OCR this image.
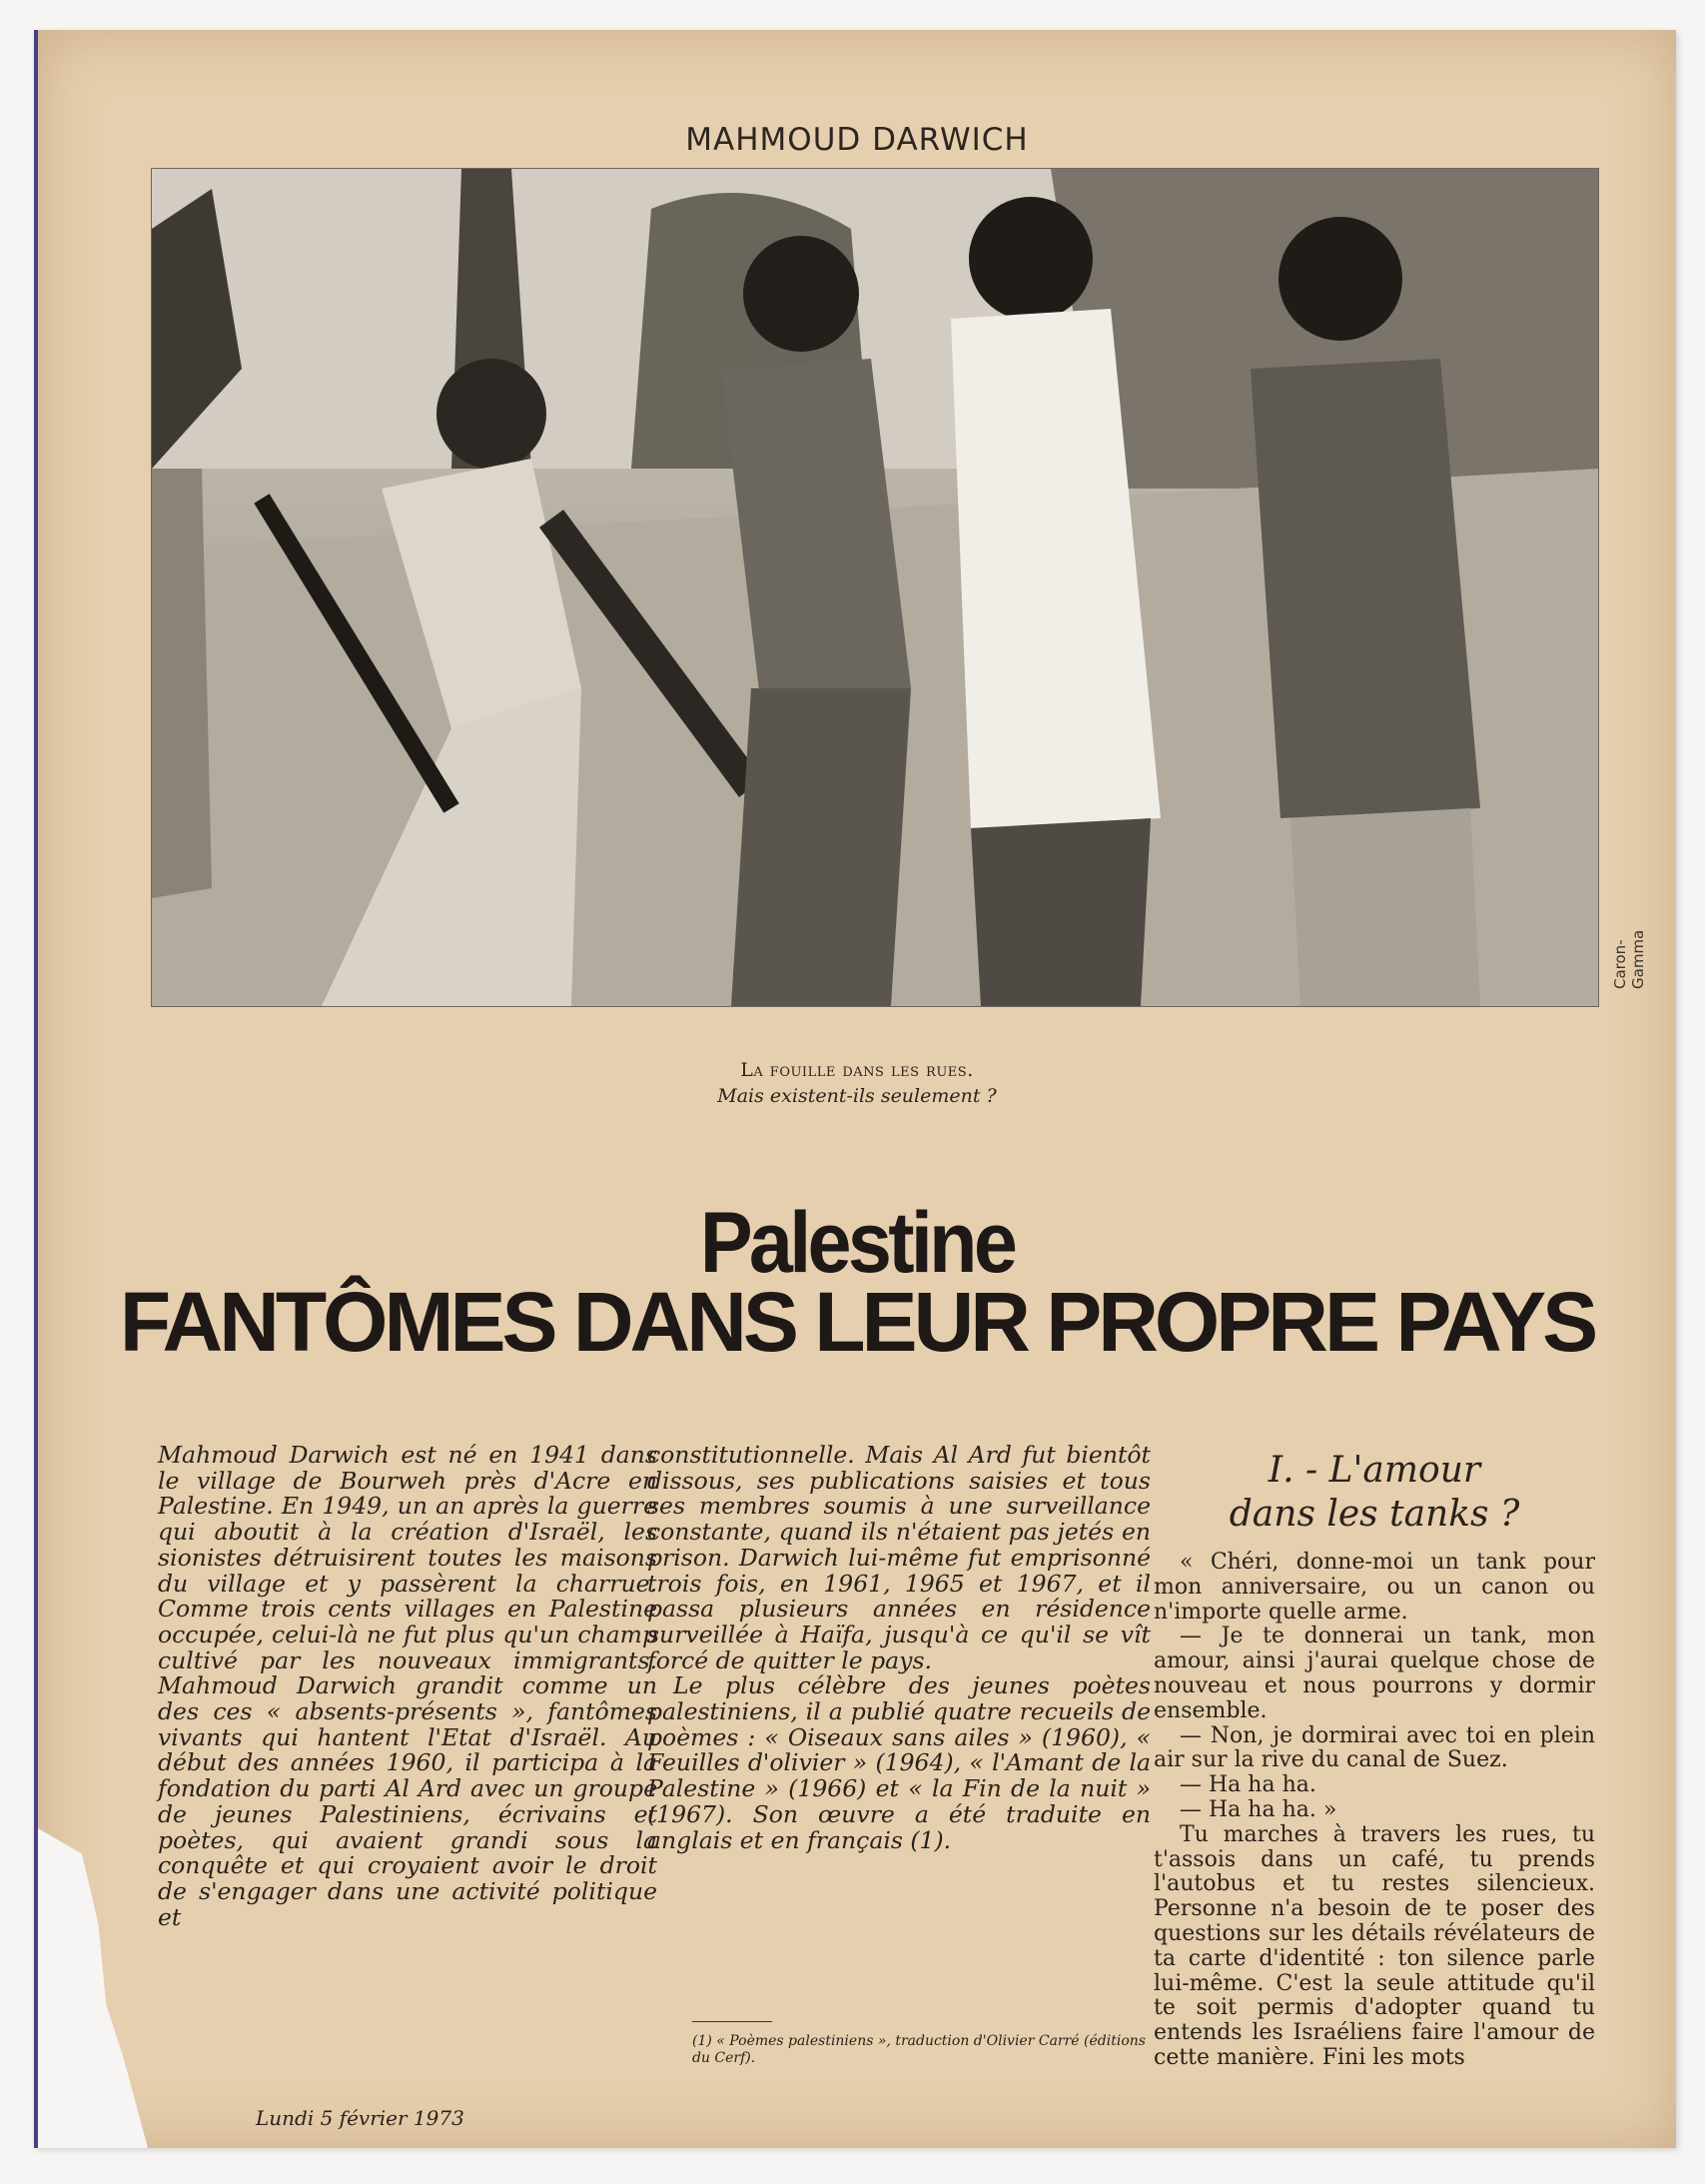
MAHMOUD DARWICH
Caron-Gamma
La fouille dans les rues.
Mais existent-ils seulement ?
Palestine
FANTÔMES DANS LEUR PROPRE PAYS

Mahmoud Darwich est né en 1941 dans le village de Bourweh près d'Acre en Palestine. En 1949, un an après la guerre qui aboutit à la création d'Israël, les sionistes détruisirent toutes les maisons du village et y passèrent la charrue. Comme trois cents villages en Palestine occupée, celui-là ne fut plus qu'un champ cultivé par les nouveaux immigrants. Mahmoud Darwich grandit comme un des ces « absents-présents », fantômes vivants qui hantent l'Etat d'Israël. Au début des années 1960, il participa à la fondation du parti Al Ard avec un groupe de jeunes Palestiniens, écrivains et poètes, qui avaient grandi sous la conquête et qui croyaient avoir le droit de s'engager dans une activité politique et

constitutionnelle. Mais Al Ard fut bientôt dissous, ses publications saisies et tous ses membres soumis à une surveillance constante, quand ils n'étaient pas jetés en prison. Darwich lui-même fut emprisonné trois fois, en 1961, 1965 et 1967, et il passa plusieurs années en résidence surveillée à Haïfa, jusqu'à ce qu'il se vît forcé de quitter le pays.

Le plus célèbre des jeunes poètes palestiniens, il a publié quatre recueils de poèmes : « Oiseaux sans ailes » (1960), « Feuilles d'olivier » (1964), « l'Amant de la Palestine » (1966) et « la Fin de la nuit » (1967). Son œuvre a été traduite en anglais et en français (1).

(1) « Poèmes palestiniens », traduction d'Olivier Carré (éditions du Cerf).
I. - L'amour
dans les tanks ?

« Chéri, donne-moi un tank pour mon anniversaire, ou un canon ou n'importe quelle arme.

— Je te donnerai un tank, mon amour, ainsi j'aurai quelque chose de nouveau et nous pourrons y dormir ensemble.

— Non, je dormirai avec toi en plein air sur la rive du canal de Suez.

— Ha ha ha.

— Ha ha ha. »

Tu marches à travers les rues, tu t'assois dans un café, tu prends l'autobus et tu restes silencieux. Personne n'a besoin de te poser des questions sur les détails révélateurs de ta carte d'identité : ton silence parle lui-même. C'est la seule attitude qu'il te soit permis d'adopter quand tu entends les Israéliens faire l'amour de cette manière. Fini les mots

Lundi 5 février 1973
